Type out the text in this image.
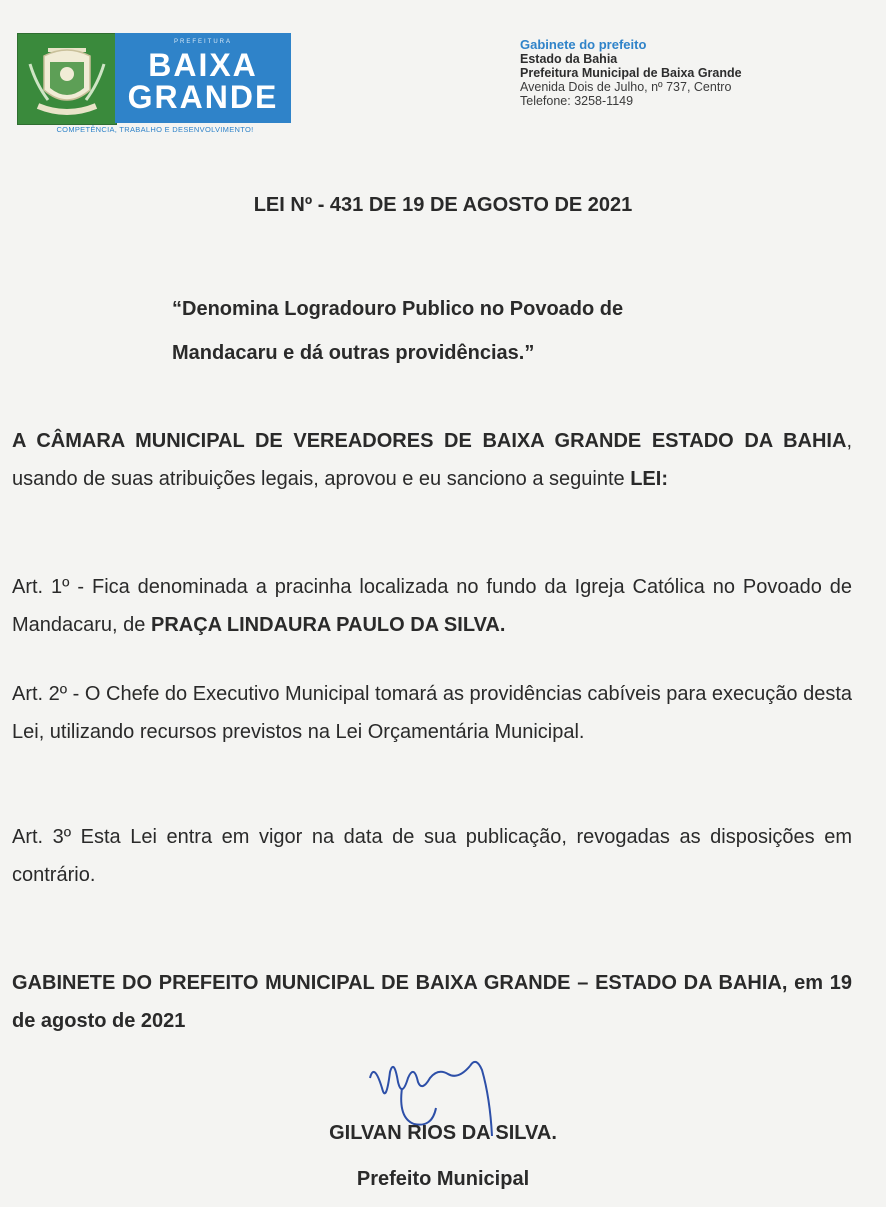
PREFEITURA
BAIXA
GRANDE
COMPETÊNCIA, TRABALHO E DESENVOLVIMENTO!
Gabinete do prefeito
Estado da Bahia
Prefeitura Municipal de Baixa Grande
Avenida Dois de Julho, nº 737, Centro
Telefone: 3258-1149
LEI Nº - 431 DE 19 DE AGOSTO DE 2021
“Denomina Logradouro Publico no Povoado de
Mandacaru e dá outras providências.”
A CÂMARA MUNICIPAL DE VEREADORES DE BAIXA GRANDE ESTADO DA BAHIA, usando de suas atribuições legais, aprovou e eu sanciono a seguinte LEI:
Art. 1º - Fica denominada a pracinha localizada no fundo da Igreja Católica no Povoado de Mandacaru, de PRAÇA LINDAURA PAULO DA SILVA.
Art. 2º - O Chefe do Executivo Municipal tomará as providências cabíveis para execução desta Lei, utilizando recursos previstos na Lei Orçamentária Municipal.
Art. 3º Esta Lei entra em vigor na data de sua publicação, revogadas as disposições em contrário.
GABINETE DO PREFEITO MUNICIPAL DE BAIXA GRANDE – ESTADO DA BAHIA, em 19 de agosto de 2021
GILVAN RIOS DA SILVA.
Prefeito Municipal
